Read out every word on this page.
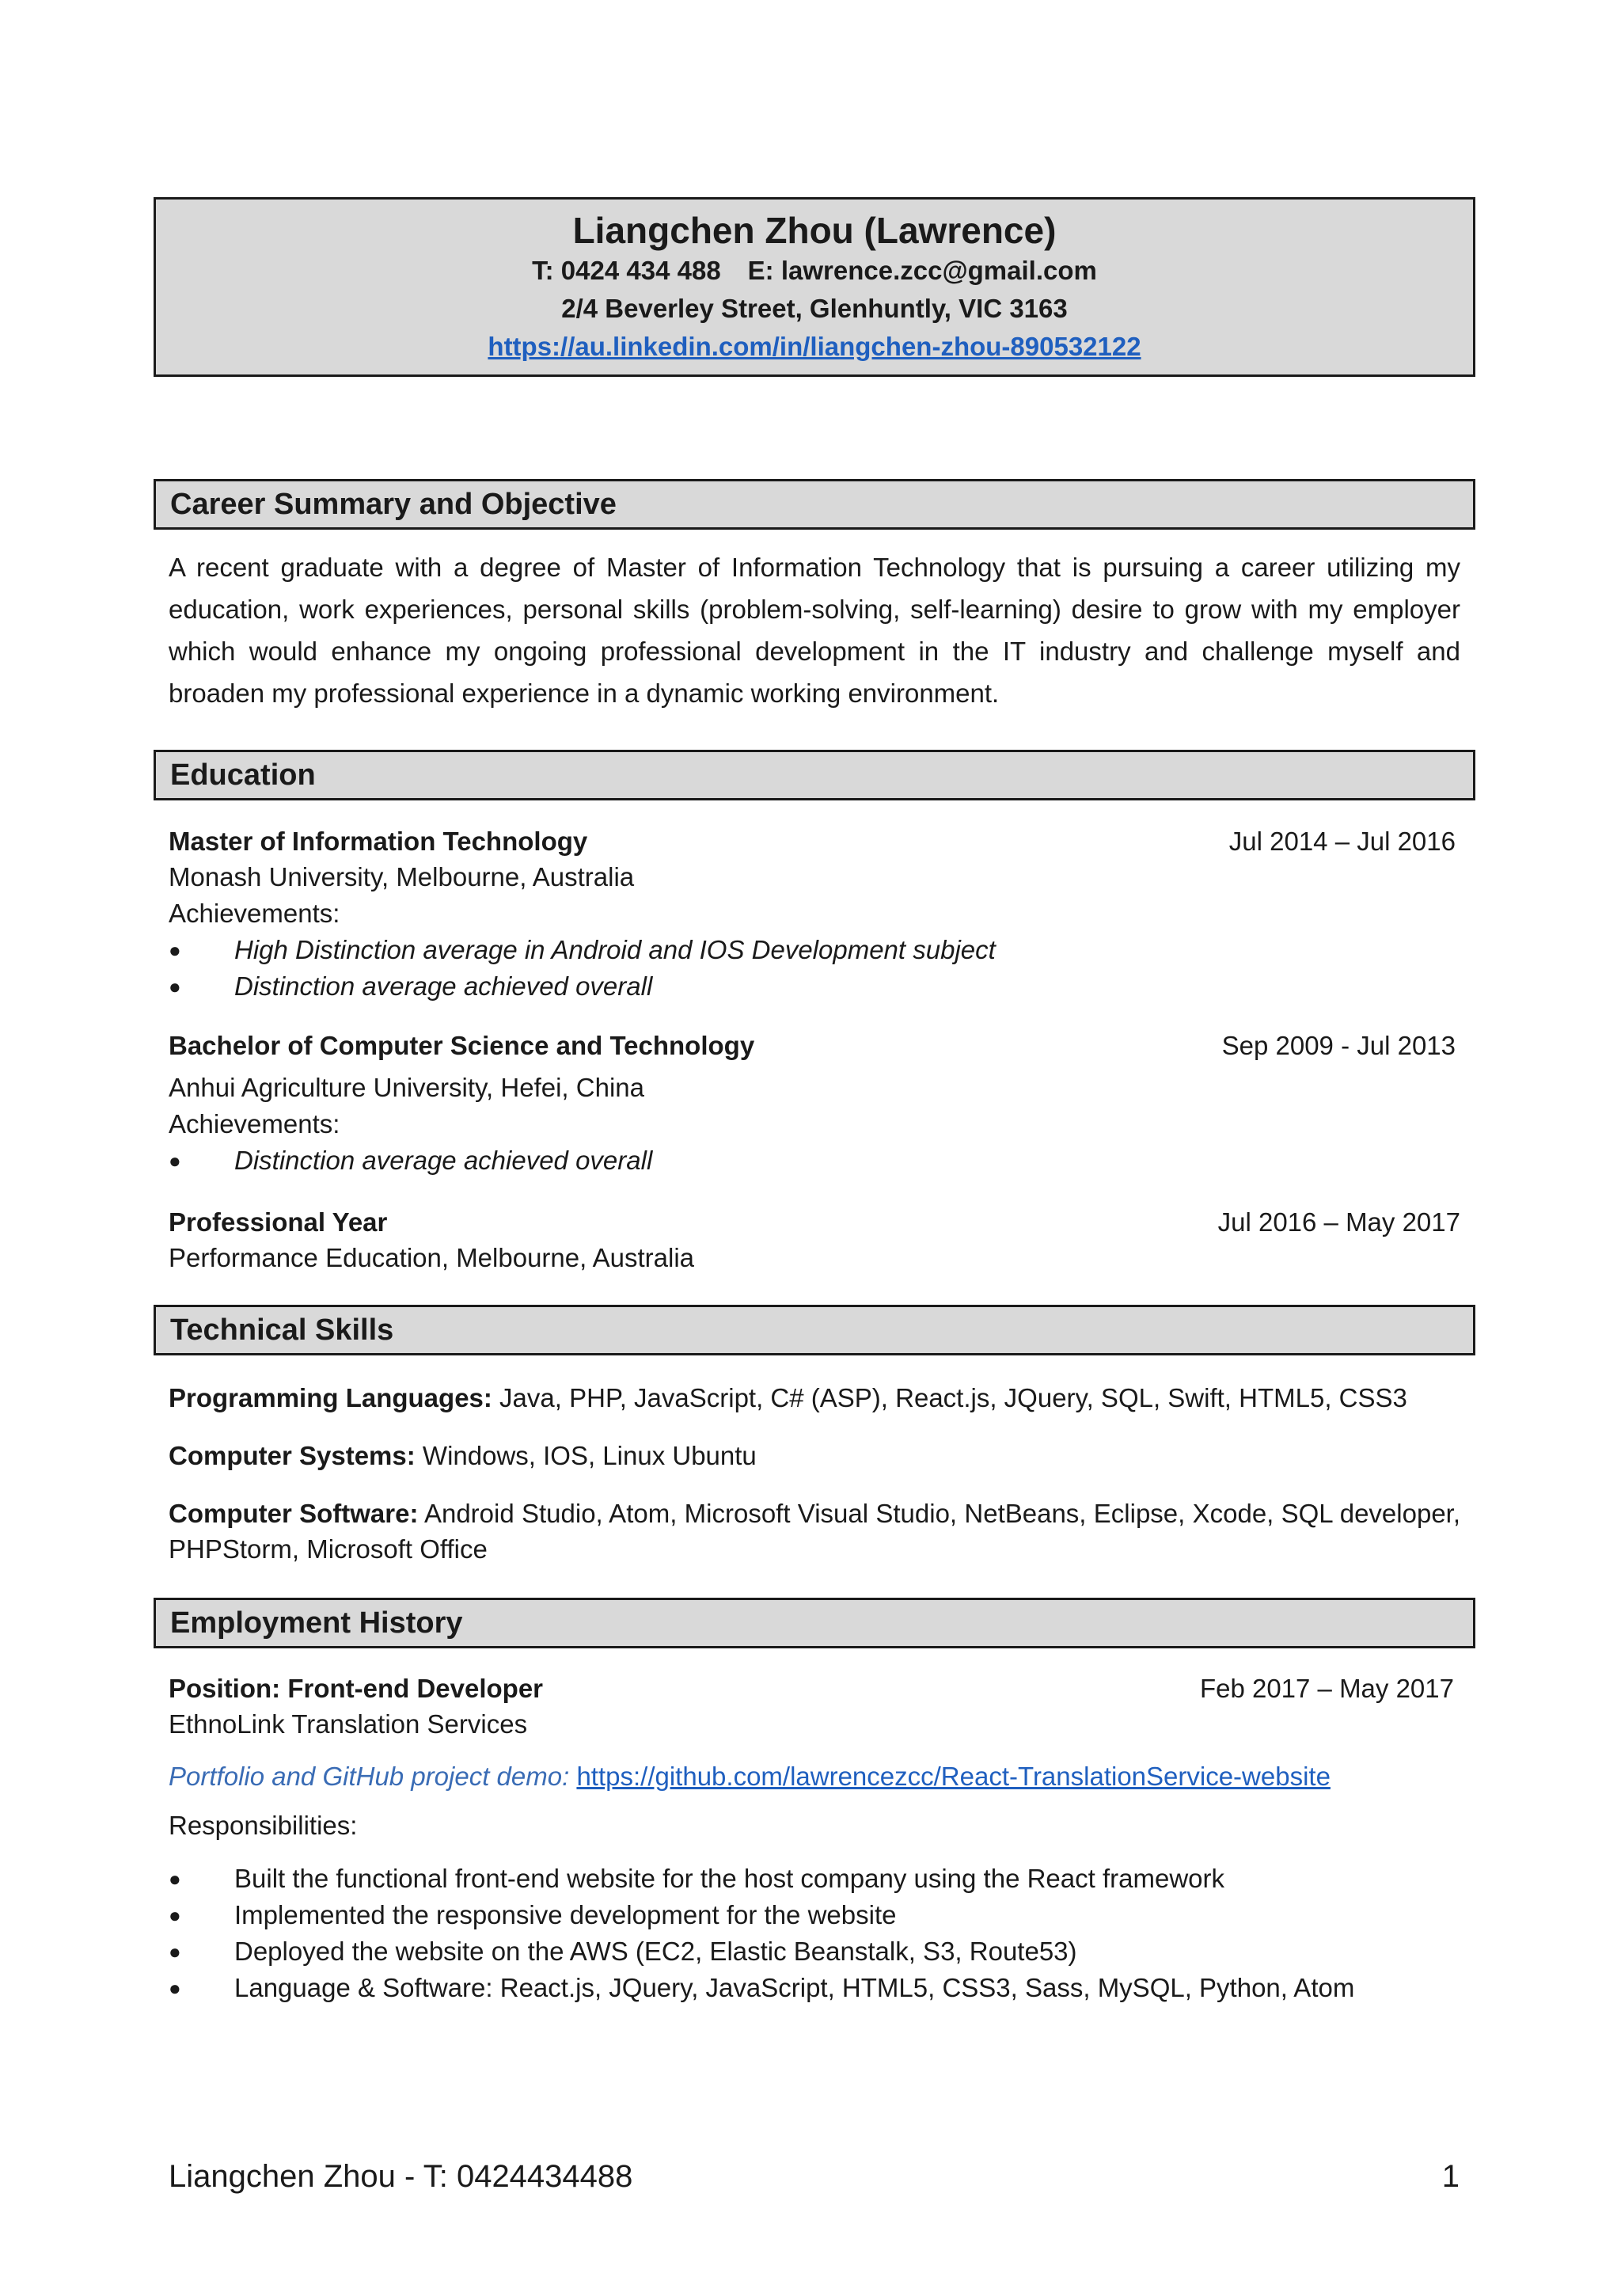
Liangchen Zhou (Lawrence)
T: 0424 434 488 E: lawrence.zcc@gmail.com
2/4 Beverley Street, Glenhuntly, VIC 3163
https://au.linkedin.com/in/liangchen-zhou-890532122
Career Summary and Objective
A recent graduate with a degree of Master of Information Technology that is pursuing a career utilizing my education, work experiences, personal skills (problem-solving, self-learning) desire to grow with my employer which would enhance my ongoing professional development in the IT industry and challenge myself and broaden my professional experience in a dynamic working environment.
Education
Master of Information Technology	Jul 2014 – Jul 2016
Monash University, Melbourne, Australia
Achievements:
● High Distinction average in Android and IOS Development subject
● Distinction average achieved overall
Bachelor of Computer Science and Technology	Sep 2009 - Jul 2013
Anhui Agriculture University, Hefei, China
Achievements:
● Distinction average achieved overall
Professional Year	Jul 2016 – May 2017
Performance Education, Melbourne, Australia
Technical Skills
Programming Languages: Java, PHP, JavaScript, C# (ASP), React.js, JQuery, SQL, Swift, HTML5, CSS3
Computer Systems: Windows, IOS, Linux Ubuntu
Computer Software: Android Studio, Atom, Microsoft Visual Studio, NetBeans, Eclipse, Xcode, SQL developer, PHPStorm, Microsoft Office
Employment History
Position: Front-end Developer	Feb 2017 – May 2017
EthnoLink Translation Services
Portfolio and GitHub project demo: https://github.com/lawrencezcc/React-TranslationService-website
Responsibilities:
● Built the functional front-end website for the host company using the React framework
● Implemented the responsive development for the website
● Deployed the website on the AWS (EC2, Elastic Beanstalk, S3, Route53)
● Language & Software: React.js, JQuery, JavaScript, HTML5, CSS3, Sass, MySQL, Python, Atom
Liangchen Zhou - T: 0424434488	1
